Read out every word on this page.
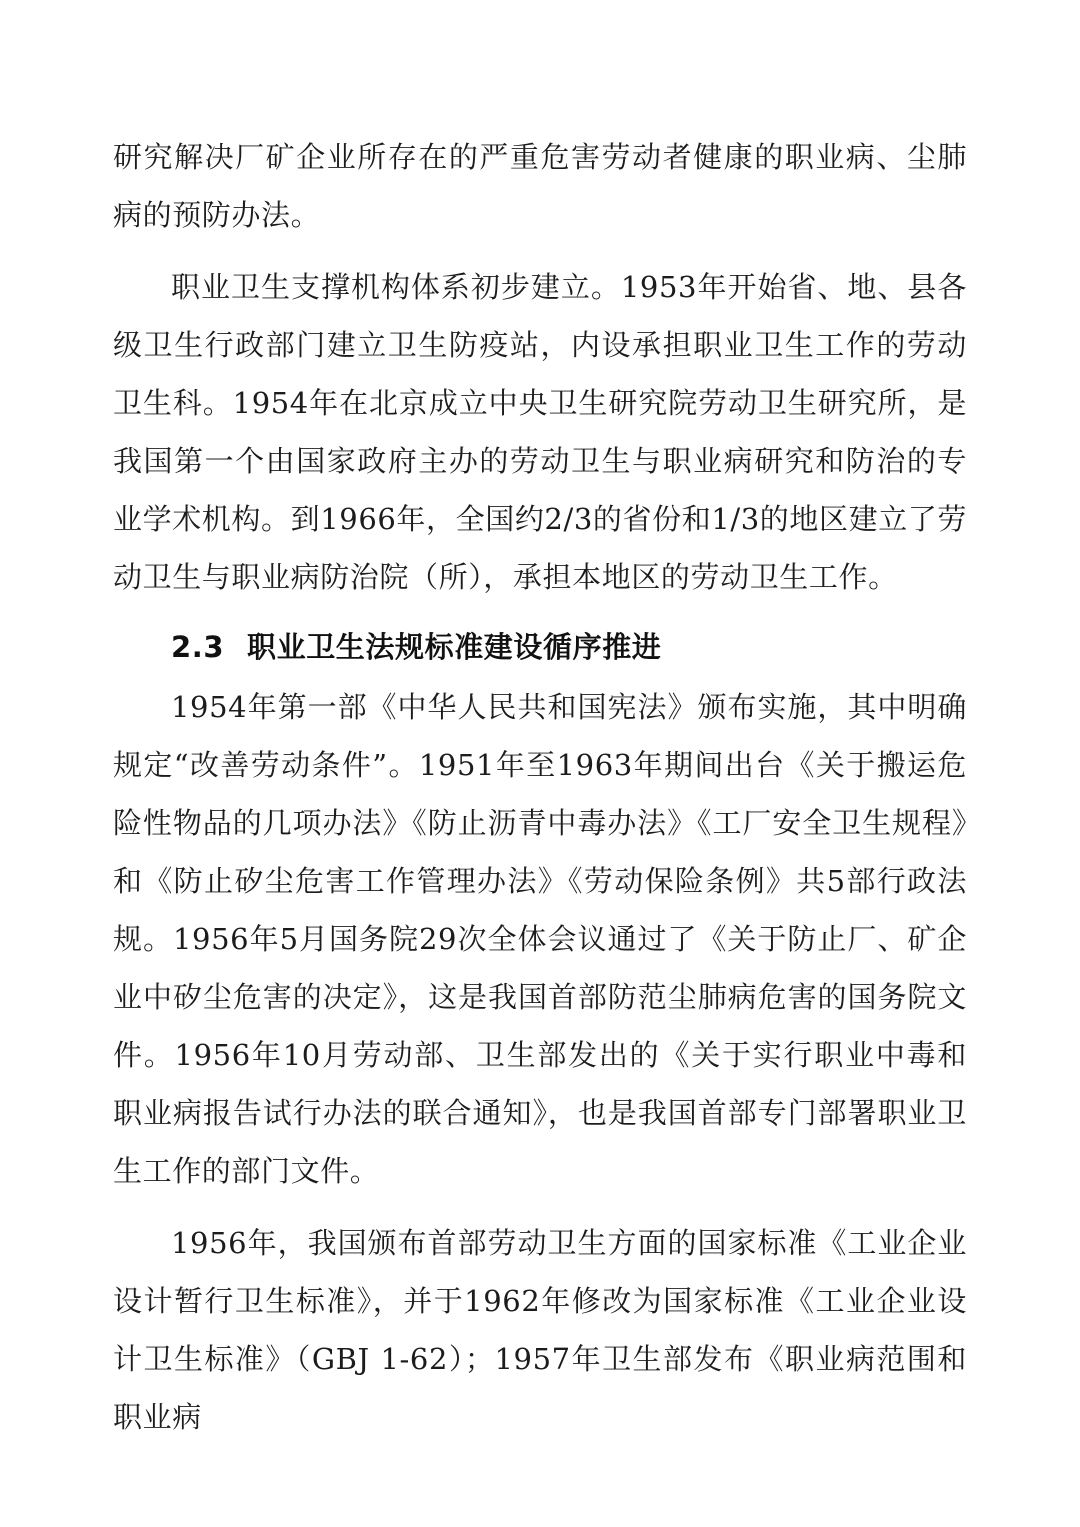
研究解决厂矿企业所存在的严重危害劳动者健康的职业病、尘肺病的预防办法。

职业卫生支撑机构体系初步建立。1953年开始省、地、县各级卫生行政部门建立卫生防疫站，内设承担职业卫生工作的劳动卫生科。1954年在北京成立中央卫生研究院劳动卫生研究所，是我国第一个由国家政府主办的劳动卫生与职业病研究和防治的专业学术机构。到1966年，全国约2/3的省份和1/3的地区建立了劳动卫生与职业病防治院（所），承担本地区的劳动卫生工作。

2.3 职业卫生法规标准建设循序推进

1954年第一部《中华人民共和国宪法》颁布实施，其中明确规定“改善劳动条件”。1951年至1963年期间出台《关于搬运危险性物品的几项办法》《防止沥青中毒办法》《工厂安全卫生规程》和《防止矽尘危害工作管理办法》《劳动保险条例》共5部行政法规。1956年5月国务院29次全体会议通过了《关于防止厂、矿企业中矽尘危害的决定》，这是我国首部防范尘肺病危害的国务院文件。1956年10月劳动部、卫生部发出的《关于实行职业中毒和职业病报告试行办法的联合通知》，也是我国首部专门部署职业卫生工作的部门文件。

1956年，我国颁布首部劳动卫生方面的国家标准《工业企业设计暂行卫生标准》，并于1962年修改为国家标准《工业企业设计卫生标准》（GBJ 1-62）；1957年卫生部发布《职业病范围和职业病
